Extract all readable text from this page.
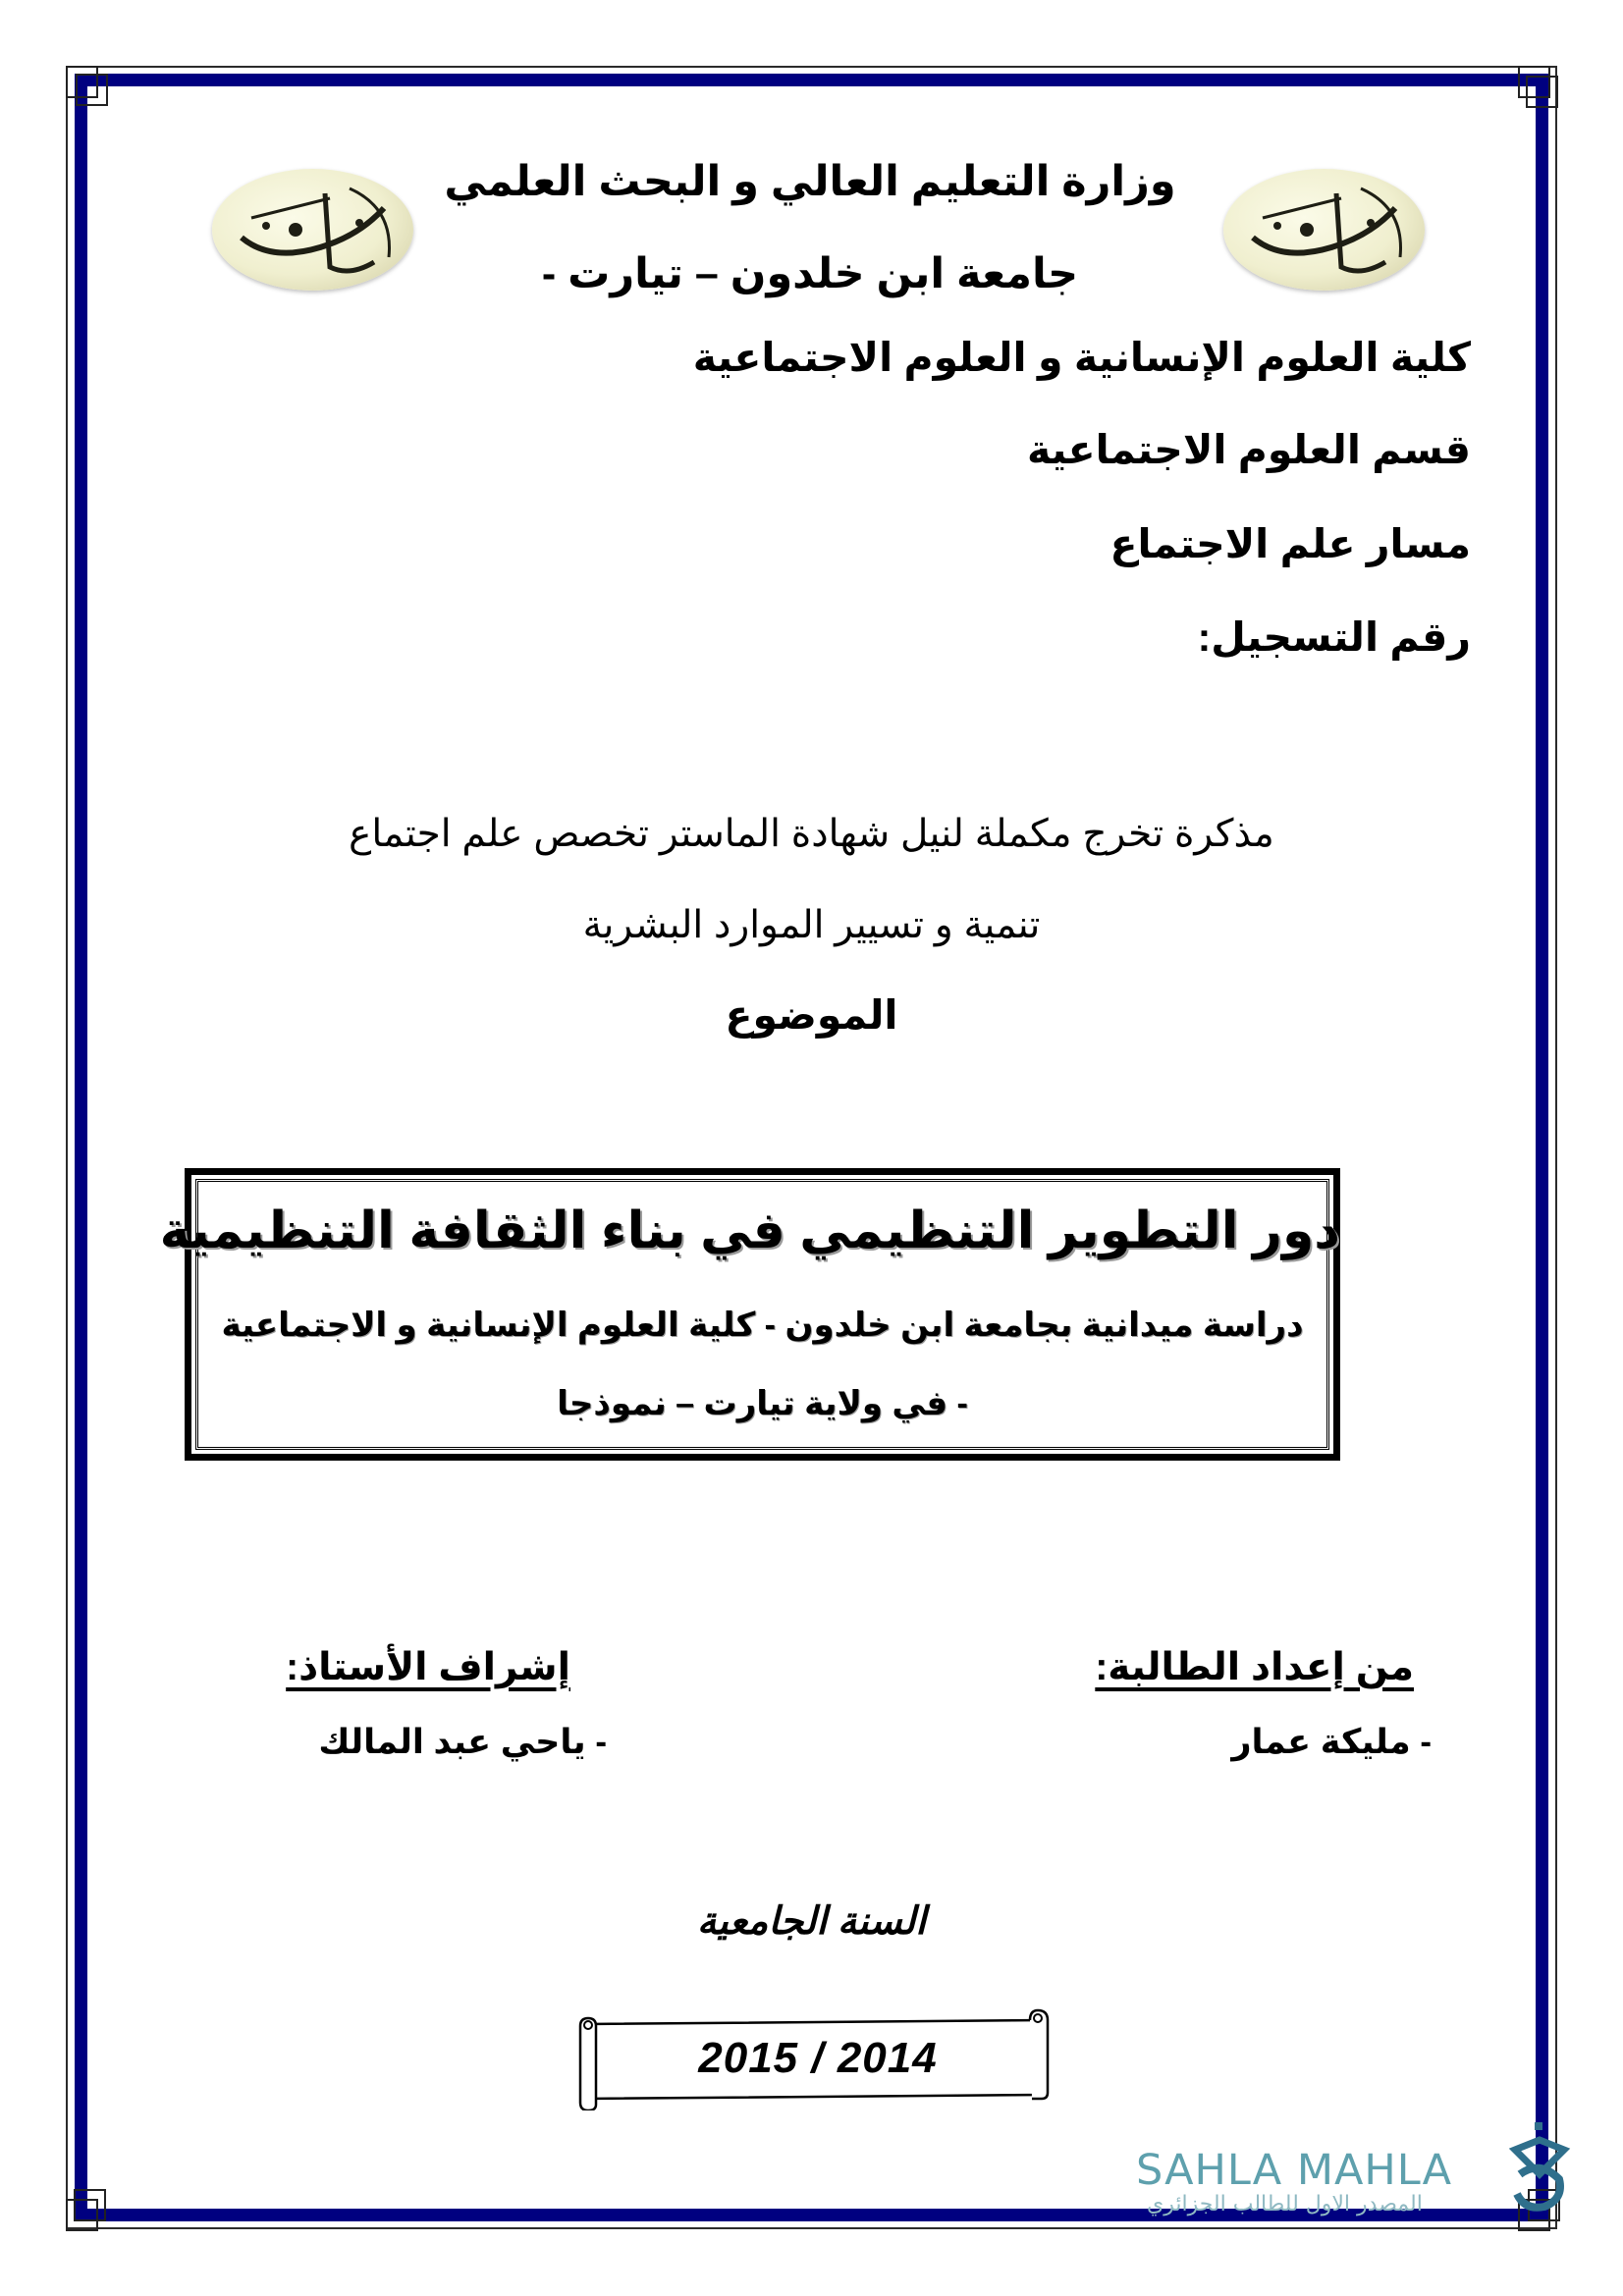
وزارة التعليم العالي و البحث العلمي
جامعة ابن خلدون – تيارت -
كلية العلوم الإنسانية و العلوم الاجتماعية
قسم العلوم الاجتماعية
مسار علم الاجتماع
رقم التسجيل:
مذكرة تخرج مكملة لنيل شهادة الماستر تخصص علم اجتماع
تنمية و تسيير الموارد البشرية
الموضوع
دور التطوير التنظيمي في بناء الثقافة التنظيمية
دراسة ميدانية بجامعة ابن خلدون - كلية العلوم الإنسانية و الاجتماعية
- في ولاية تيارت – نموذجا
من إعداد الطالبة:
- مليكة عمار
إشراف الأستاذ:
- ياحي عبد المالك
السنة الجامعية
2015 / 2014
SAHLA MAHLA
المصدر الاول للطالب الجزائري
